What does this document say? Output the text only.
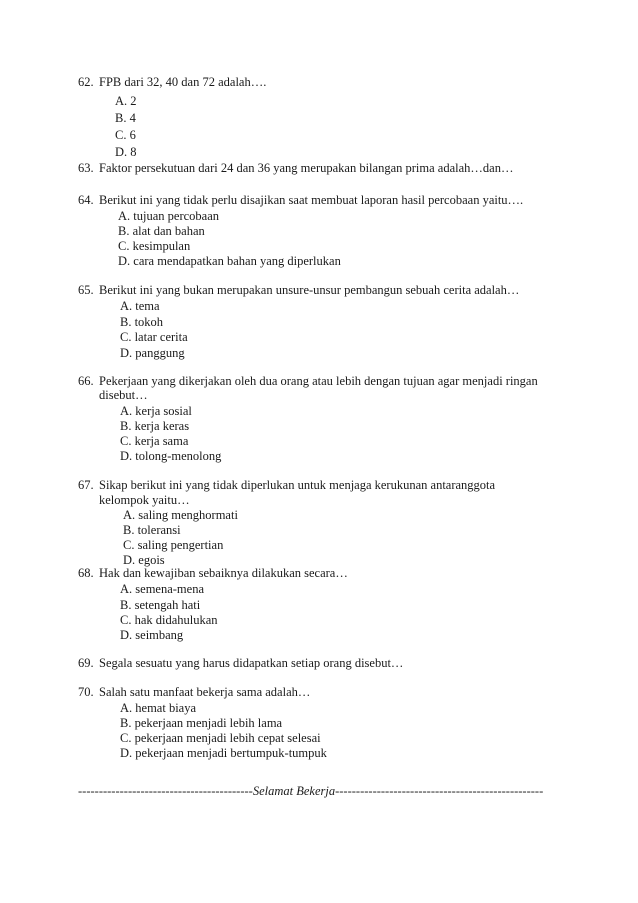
62. FPB dari 32, 40 dan 72 adalah….
A. 2
B. 4
C. 6
D. 8
63. Faktor persekutuan dari 24 dan 36 yang merupakan bilangan prima adalah…dan…
64. Berikut ini yang tidak perlu disajikan saat membuat laporan hasil percobaan yaitu….
A. tujuan percobaan
B. alat dan bahan
C. kesimpulan
D. cara mendapatkan bahan yang diperlukan
65. Berikut ini yang bukan merupakan unsure-unsur pembangun sebuah cerita adalah…
A. tema
B. tokoh
C. latar cerita
D. panggung
66. Pekerjaan yang dikerjakan oleh dua orang atau lebih dengan tujuan agar menjadi ringan
disebut…
A. kerja sosial
B. kerja keras
C. kerja sama
D. tolong-menolong
67. Sikap berikut ini yang tidak diperlukan untuk menjaga kerukunan antaranggota
kelompok yaitu…
A. saling menghormati
B. toleransi
C. saling pengertian
D. egois
68. Hak dan kewajiban sebaiknya dilakukan secara…
A. semena-mena
B. setengah hati
C. hak didahulukan
D. seimbang
69. Segala sesuatu yang harus didapatkan setiap orang disebut…
70. Salah satu manfaat bekerja sama adalah…
A. hemat biaya
B. pekerjaan menjadi lebih lama
C. pekerjaan menjadi lebih cepat selesai
D. pekerjaan menjadi bertumpuk-tumpuk
------------------------------------------Selamat Bekerja--------------------------------------------------
